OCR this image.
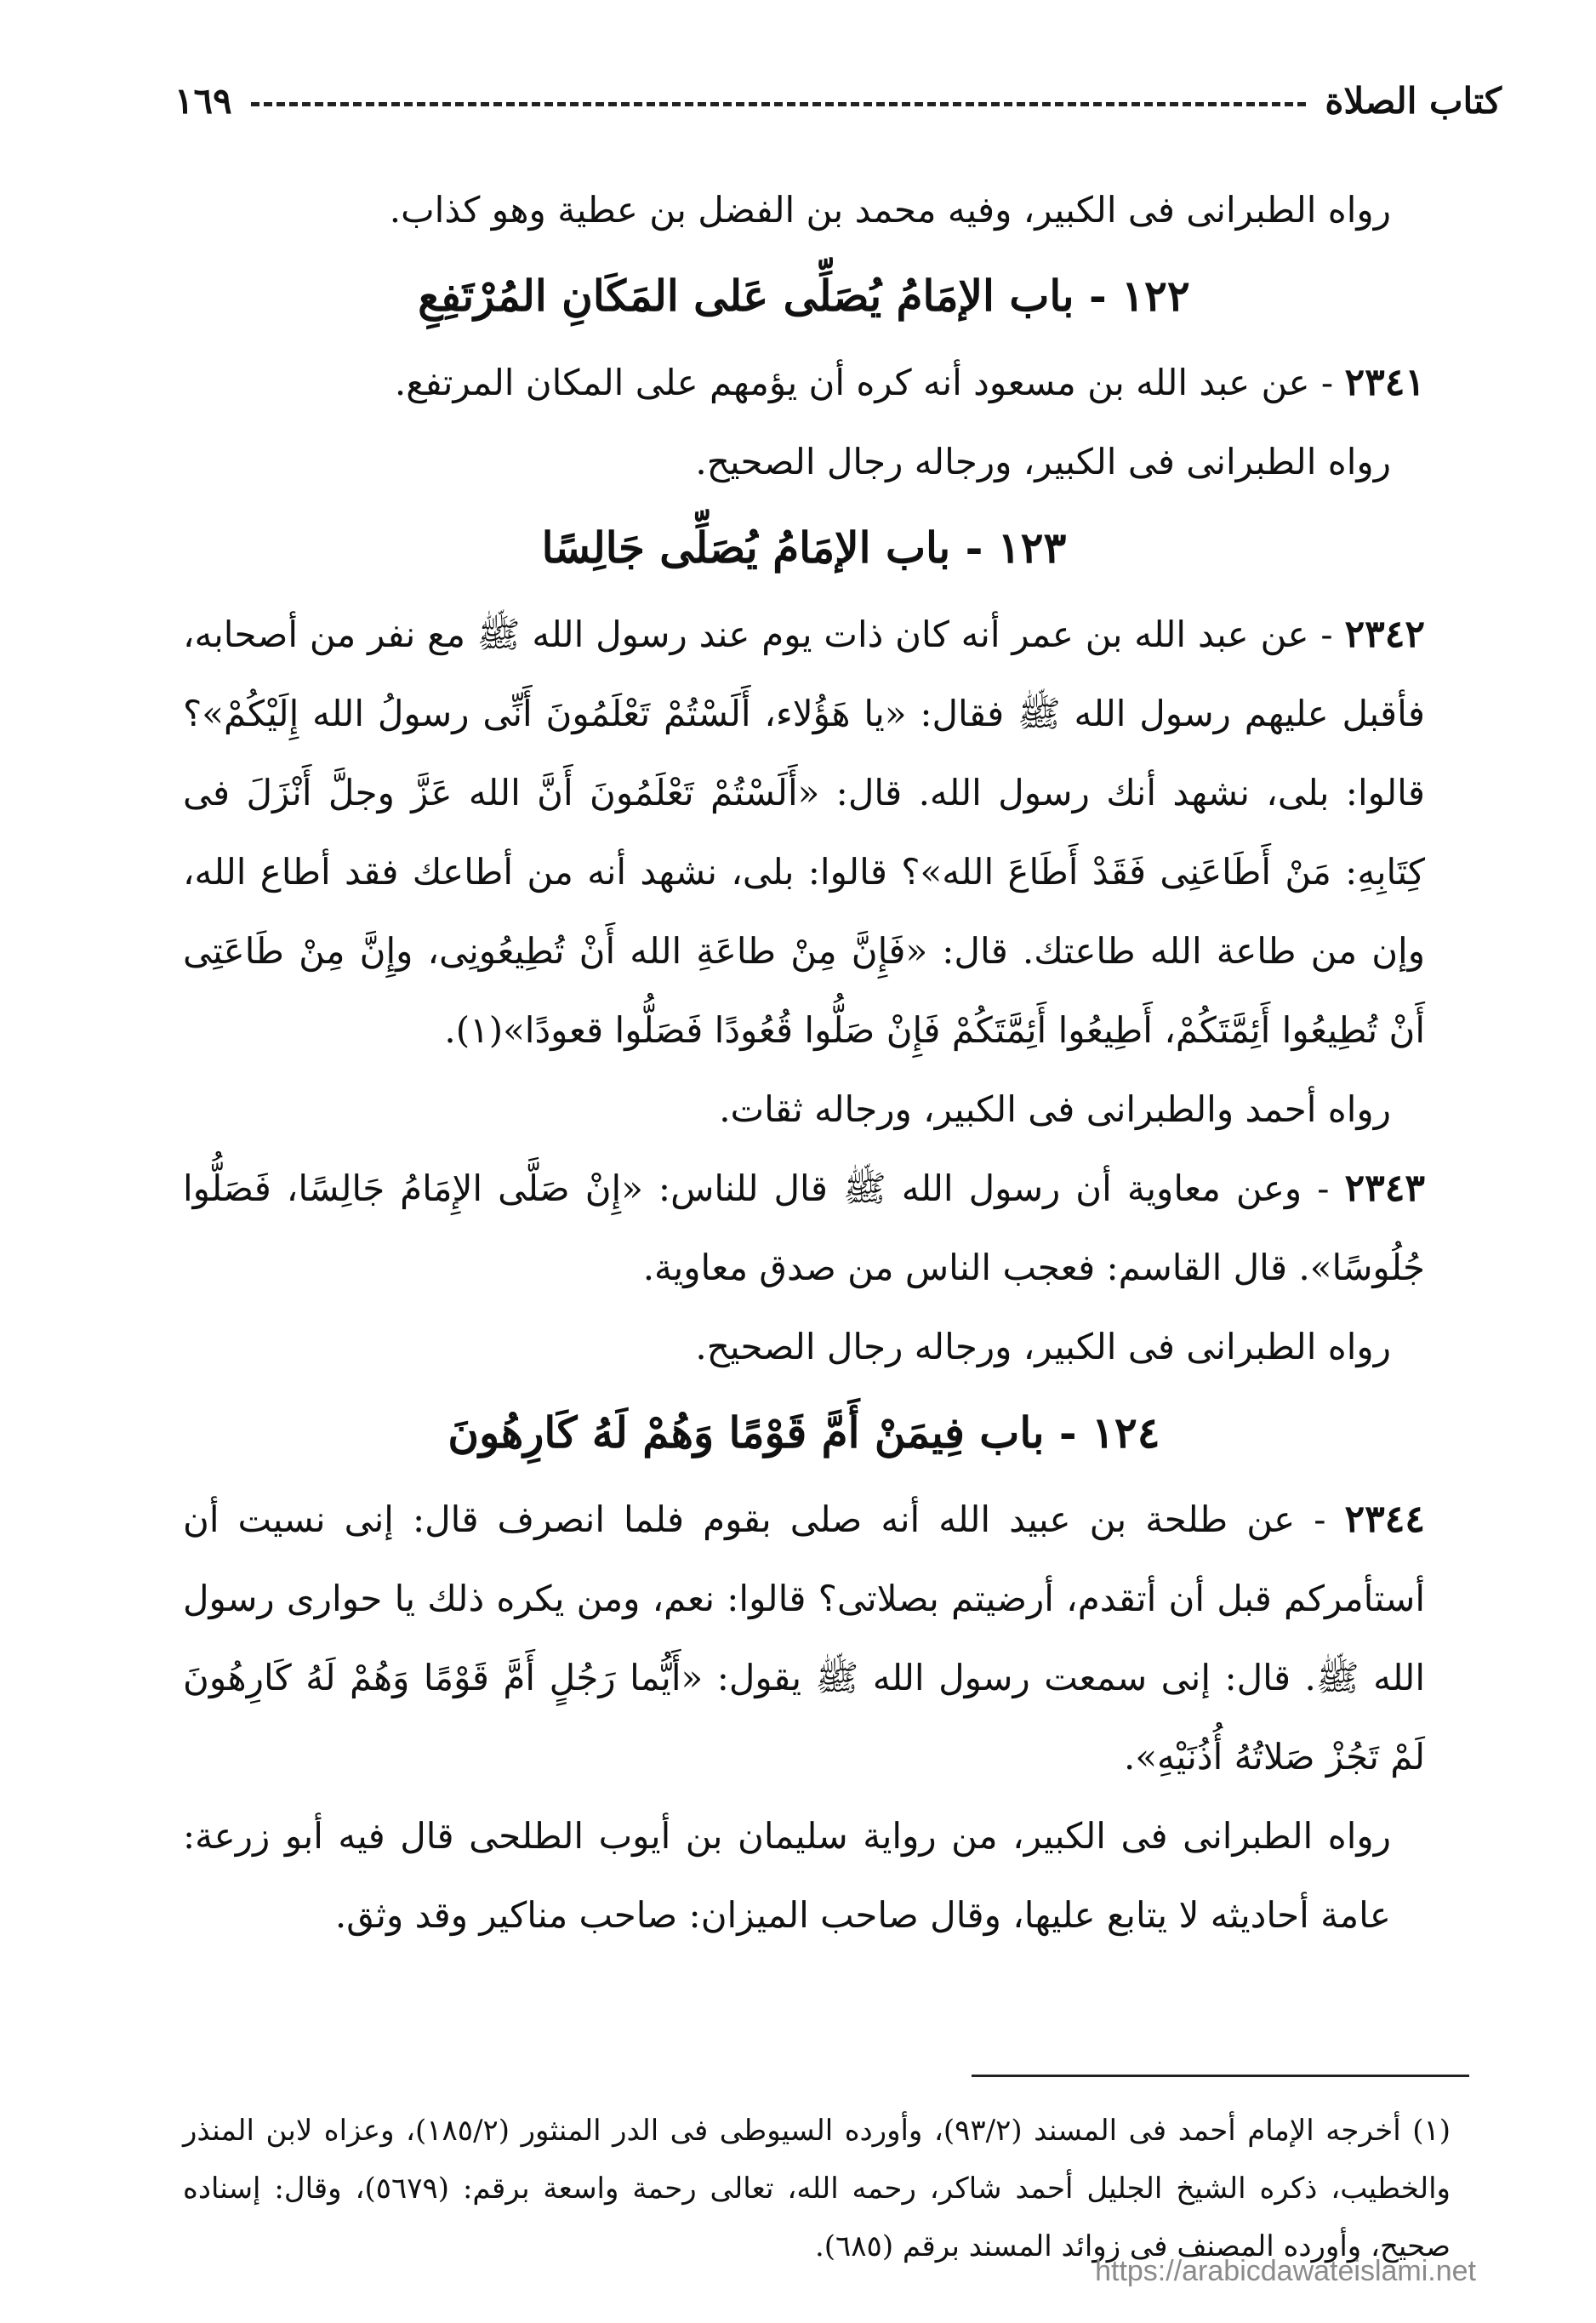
كتاب الصلاة
١٦٩

رواه الطبرانى فى الكبير، وفيه محمد بن الفضل بن عطية وهو كذاب.

١٢٢ - باب الإمَامُ يُصَلِّى عَلى المَكَانِ المُرْتَفِعِ

٢٣٤١ - عن عبد الله بن مسعود أنه كره أن يؤمهم على المكان المرتفع.

رواه الطبرانى فى الكبير، ورجاله رجال الصحيح.

١٢٣ - باب الإمَامُ يُصَلِّى جَالِسًا

٢٣٤٢ - عن عبد الله بن عمر أنه كان ذات يوم عند رسول الله ﷺ مع نفر من أصحابه، فأقبل عليهم رسول الله ﷺ فقال: «يا هَؤُلاء، أَلَسْتُمْ تَعْلَمُونَ أَنِّى رسولُ الله إِلَيْكُمْ»؟ قالوا: بلى، نشهد أنك رسول الله. قال: «أَلَسْتُمْ تَعْلَمُونَ أَنَّ الله عَزَّ وجلَّ أَنْزَلَ فى كِتَابِهِ: مَنْ أَطَاعَنِى فَقَدْ أَطَاعَ الله»؟ قالوا: بلى، نشهد أنه من أطاعك فقد أطاع الله، وإن من طاعة الله طاعتك. قال: «فَإِنَّ مِنْ طاعَةِ الله أَنْ تُطِيعُونِى، وإِنَّ مِنْ طَاعَتِى أَنْ تُطِيعُوا أَئِمَّتَكُمْ، أَطِيعُوا أَئِمَّتَكُمْ فَإِنْ صَلُّوا قُعُودًا فَصَلُّوا قعودًا»(١).

رواه أحمد والطبرانى فى الكبير، ورجاله ثقات.

٢٣٤٣ - وعن معاوية أن رسول الله ﷺ قال للناس: «إِنْ صَلَّى الإِمَامُ جَالِسًا، فَصَلُّوا جُلُوسًا». قال القاسم: فعجب الناس من صدق معاوية.

رواه الطبرانى فى الكبير، ورجاله رجال الصحيح.

١٢٤ - باب فِيمَنْ أَمَّ قَوْمًا وَهُمْ لَهُ كَارِهُونَ

٢٣٤٤ - عن طلحة بن عبيد الله أنه صلى بقوم فلما انصرف قال: إنى نسيت أن أستأمركم قبل أن أتقدم، أرضيتم بصلاتى؟ قالوا: نعم، ومن يكره ذلك يا حوارى رسول الله ﷺ. قال: إنى سمعت رسول الله ﷺ يقول: «أَيُّما رَجُلٍ أَمَّ قَوْمًا وَهُمْ لَهُ كَارِهُونَ لَمْ تَجُزْ صَلاتُهُ أُذُنَيْهِ».

رواه الطبرانى فى الكبير، من رواية سليمان بن أيوب الطلحى قال فيه أبو زرعة: عامة أحاديثه لا يتابع عليها، وقال صاحب الميزان: صاحب مناكير وقد وثق.

(١) أخرجه الإمام أحمد فى المسند (٩٣/٢)، وأورده السيوطى فى الدر المنثور (١٨٥/٢)، وعزاه لابن المنذر والخطيب، ذكره الشيخ الجليل أحمد شاكر، رحمه الله، تعالى رحمة واسعة برقم: (٥٦٧٩)، وقال: إسناده صحيح، وأورده المصنف فى زوائد المسند برقم (٦٨٥).

https://arabicdawateislami.net
